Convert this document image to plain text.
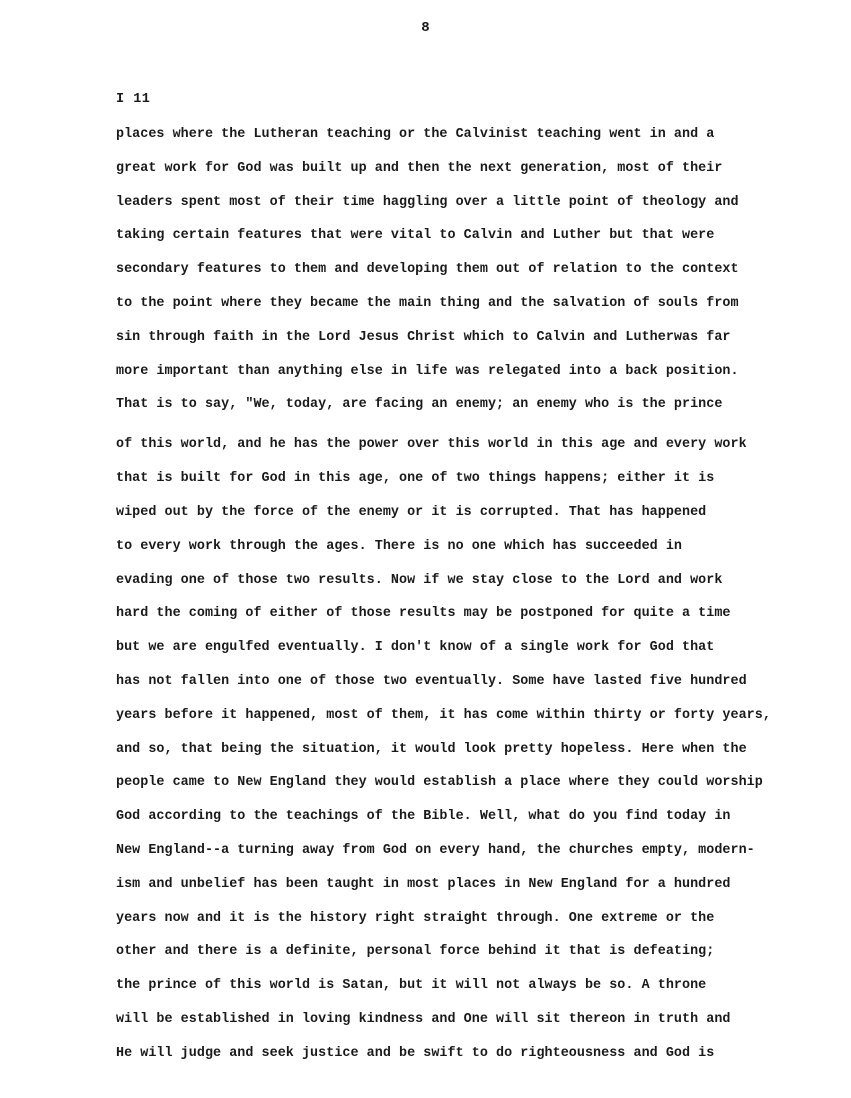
8
I 11
places where the Lutheran teaching or the Calvinist teaching went in and a
great work for God was built up and then the next generation, most of their
leaders spent most of their time haggling over a little point of theology and
taking certain features that were vital to Calvin and Luther but that were
secondary features to them and developing them out of relation to the context
to the point where they became the main thing and the salvation of souls from
sin through faith in the Lord Jesus Christ which to Calvin and Lutherwas far
more important than anything else in life was relegated into a back position.
That is to say, "We, today, are facing an enemy; an enemy who is the prince
of this world, and he has the power over this world in this age and every work
that is built for God in this age, one of two things happens; either it is
wiped out by the force of the enemy or it is corrupted. That has happened
to every work through the ages. There is no one which has succeeded in
evading one of those two results. Now if we stay close to the Lord and work
hard the coming of either of those results may be postponed for quite a time
but we are engulfed eventually. I don't know of a single work for God that
has not fallen into one of those two eventually. Some have lasted five hundred
years before it happened, most of them, it has come within thirty or forty years,
and so, that being the situation, it would look pretty hopeless. Here when the
people came to New England they would establish a place where they could worship
God according to the teachings of the Bible. Well, what do you find today in
New England--a turning away from God on every hand, the churches empty, modern-
ism and unbelief has been taught in most places in New England for a hundred
years now and it is the history right straight through. One extreme or the
other and there is a definite, personal force behind it that is defeating;
the prince of this world is Satan, but it will not always be so. A throne
will be established in loving kindness and One will sit thereon in truth and
He will judge and seek justice and be swift to do righteousness and God is
